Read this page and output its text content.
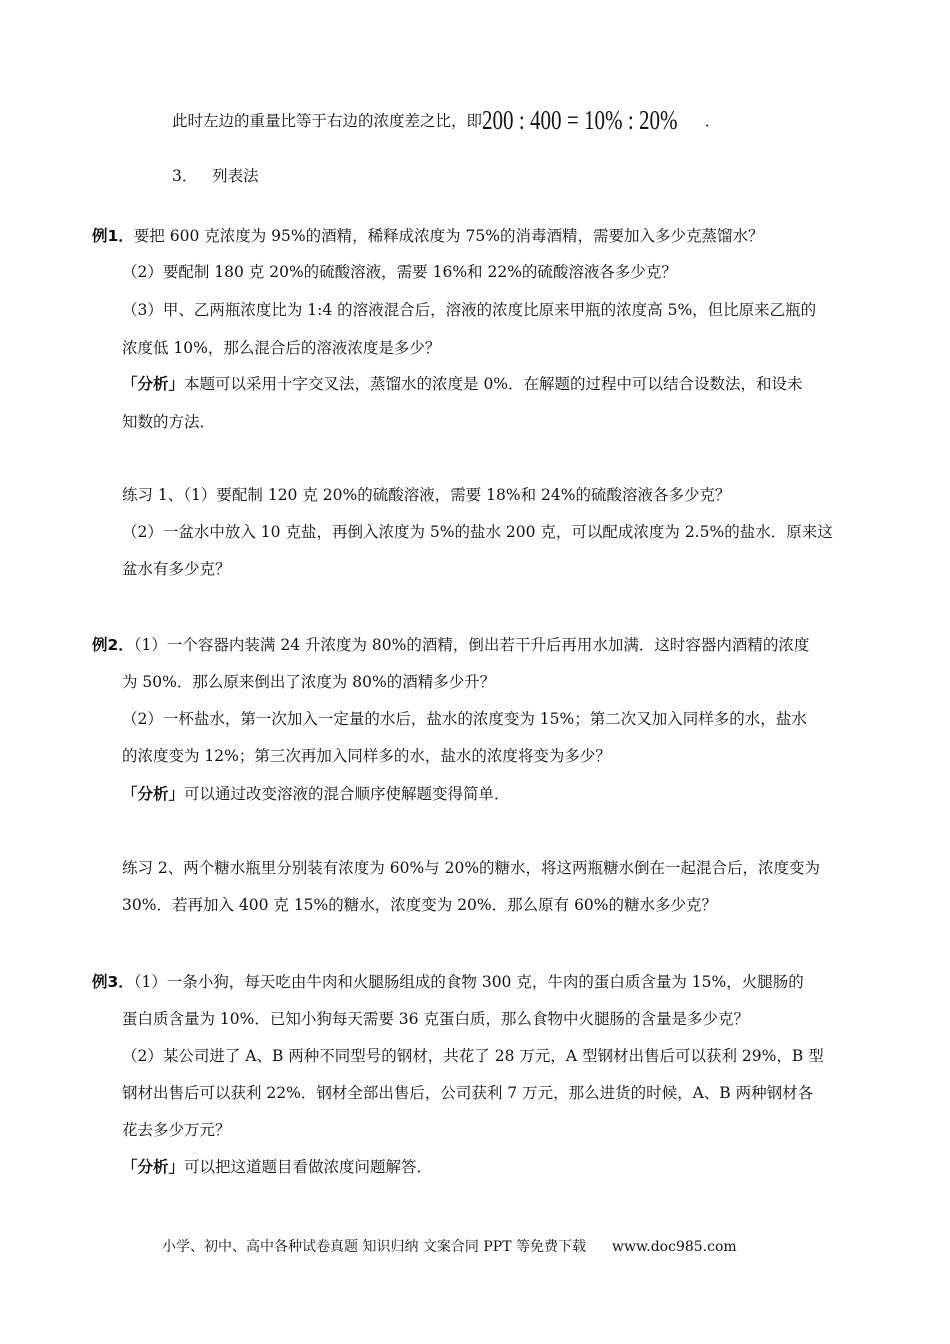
此时左边的重量比等于右边的浓度差之比，即200 : 400 = 10% : 20% ．
3． 列表法
例1．要把 600 克浓度为 95%的酒精，稀释成浓度为 75%的消毒酒精，需要加入多少克蒸馏水？
（2）要配制 180 克 20%的硫酸溶液，需要 16%和 22%的硫酸溶液各多少克？
（3）甲、乙两瓶浓度比为 1:4 的溶液混合后，溶液的浓度比原来甲瓶的浓度高 5%，但比原来乙瓶的
浓度低 10%，那么混合后的溶液浓度是多少？
「分析」本题可以采用十字交叉法，蒸馏水的浓度是 0%．在解题的过程中可以结合设数法，和设未
知数的方法．
练习 1、（1）要配制 120 克 20%的硫酸溶液，需要 18%和 24%的硫酸溶液各多少克？
（2）一盆水中放入 10 克盐，再倒入浓度为 5%的盐水 200 克，可以配成浓度为 2.5%的盐水．原来这
盆水有多少克？
例2．（1）一个容器内装满 24 升浓度为 80%的酒精，倒出若干升后再用水加满．这时容器内酒精的浓度
为 50%．那么原来倒出了浓度为 80%的酒精多少升？
（2）一杯盐水，第一次加入一定量的水后，盐水的浓度变为 15%；第二次又加入同样多的水，盐水
的浓度变为 12%；第三次再加入同样多的水，盐水的浓度将变为多少？
「分析」可以通过改变溶液的混合顺序使解题变得简单．
练习 2、两个糖水瓶里分别装有浓度为 60%与 20%的糖水，将这两瓶糖水倒在一起混合后，浓度变为
30%．若再加入 400 克 15%的糖水，浓度变为 20%．那么原有 60%的糖水多少克？
例3．（1）一条小狗，每天吃由牛肉和火腿肠组成的食物 300 克，牛肉的蛋白质含量为 15%，火腿肠的
蛋白质含量为 10%．已知小狗每天需要 36 克蛋白质，那么食物中火腿肠的含量是多少克？
（2）某公司进了 A、B 两种不同型号的钢材，共花了 28 万元，A 型钢材出售后可以获利 29%，B 型
钢材出售后可以获利 22%．钢材全部出售后，公司获利 7 万元，那么进货的时候，A、B 两种钢材各
花去多少万元？
「分析」可以把这道题目看做浓度问题解答．
小学、初中、高中各种试卷真题 知识归纳 文案合同 PPT 等免费下载 www.doc985.com
